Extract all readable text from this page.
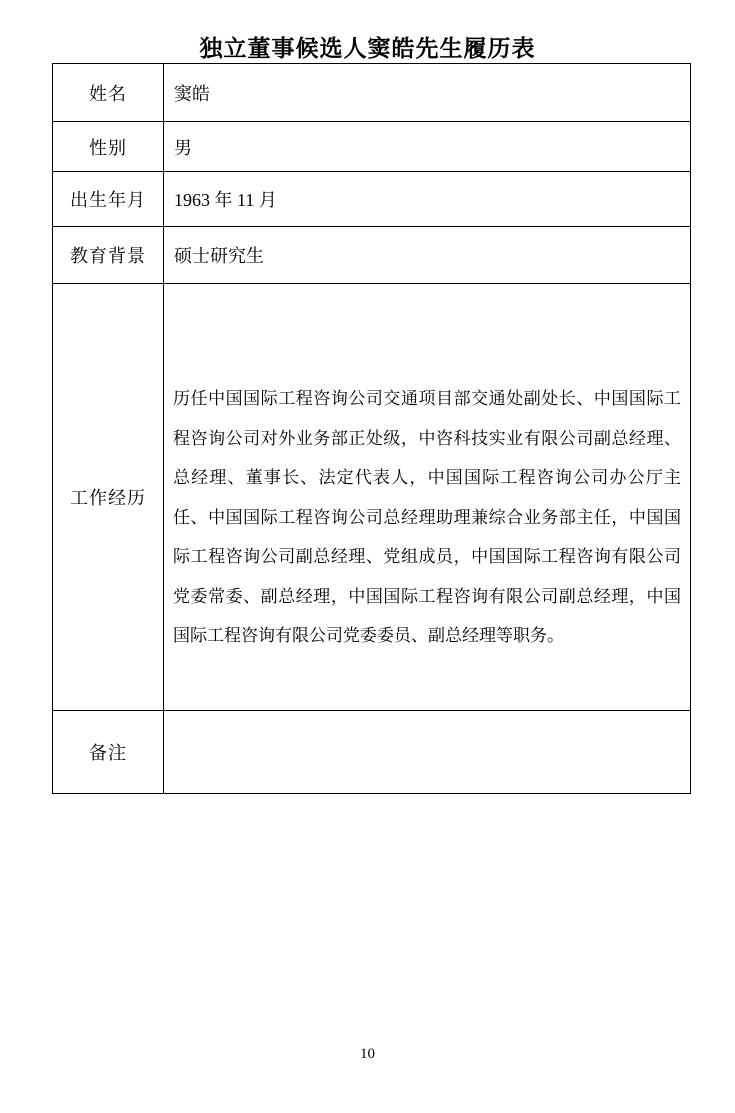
独立董事候选人窦皓先生履历表
姓名	窦皓
性别	男
出生年月	1963 年 11 月
教育背景	硕士研究生
工作经历	历任中国国际工程咨询公司交通项目部交通处副处长、中国国际工程咨询公司对外业务部正处级，中咨科技实业有限公司副总经理、总经理、董事长、法定代表人，中国国际工程咨询公司办公厅主任、中国国际工程咨询公司总经理助理兼综合业务部主任，中国国际工程咨询公司副总经理、党组成员，中国国际工程咨询有限公司党委常委、副总经理，中国国际工程咨询有限公司副总经理，中国国际工程咨询有限公司党委委员、副总经理等职务。
备注	
10
